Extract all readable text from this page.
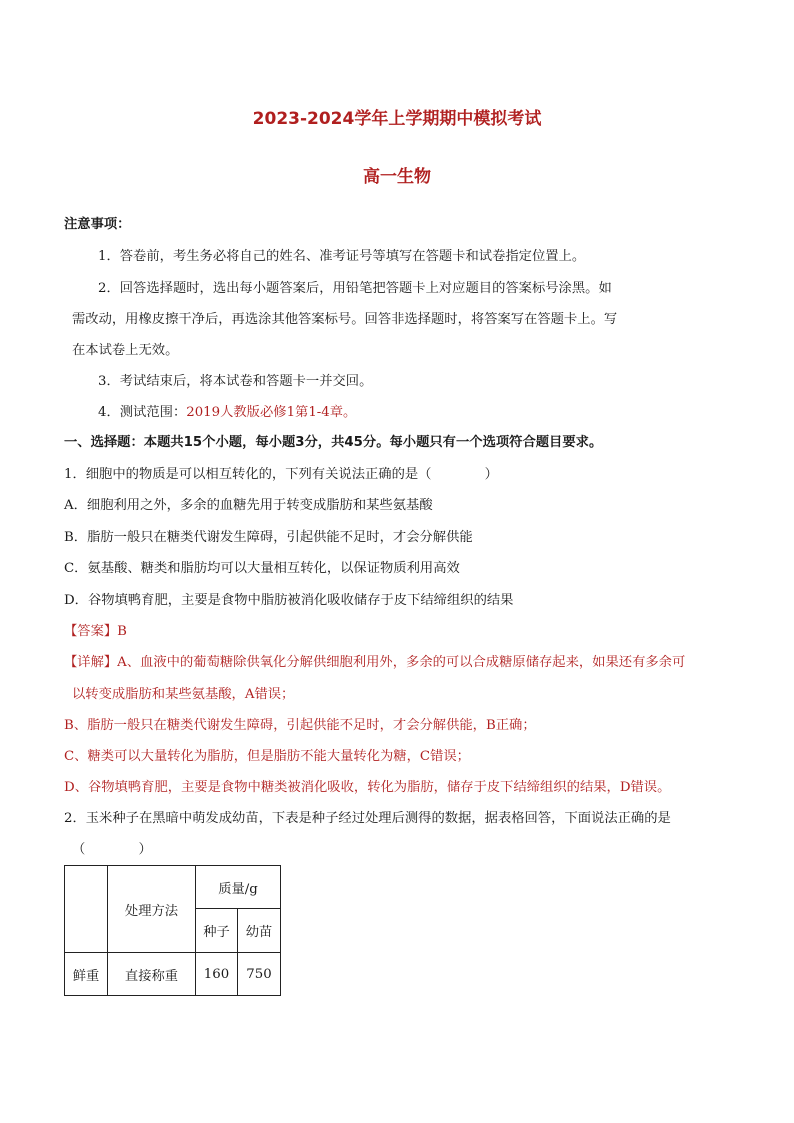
2023-2024学年上学期期中模拟考试
高一生物
注意事项：
1．答卷前，考生务必将自己的姓名、准考证号等填写在答题卡和试卷指定位置上。
2．回答选择题时，选出每小题答案后，用铅笔把答题卡上对应题目的答案标号涂黑。如
需改动，用橡皮擦干净后，再选涂其他答案标号。回答非选择题时，将答案写在答题卡上。写
在本试卷上无效。
3．考试结束后，将本试卷和答题卡一并交回。
4．测试范围：2019人教版必修1第1-4章。
一、选择题：本题共15个小题，每小题3分，共45分。每小题只有一个选项符合题目要求。
1．细胞中的物质是可以相互转化的，下列有关说法正确的是（　　　　）
A．细胞利用之外，多余的血糖先用于转变成脂肪和某些氨基酸
B．脂肪一般只在糖类代谢发生障碍，引起供能不足时，才会分解供能
C．氨基酸、糖类和脂肪均可以大量相互转化，以保证物质利用高效
D．谷物填鸭育肥，主要是食物中脂肪被消化吸收储存于皮下结缔组织的结果
【答案】B
【详解】A、血液中的葡萄糖除供氧化分解供细胞利用外，多余的可以合成糖原储存起来，如果还有多余可
以转变成脂肪和某些氨基酸，A错误；
B、脂肪一般只在糖类代谢发生障碍，引起供能不足时，才会分解供能，B正确；
C、糖类可以大量转化为脂肪，但是脂肪不能大量转化为糖，C错误；
D、谷物填鸭育肥，主要是食物中糖类被消化吸收，转化为脂肪，储存于皮下结缔组织的结果，D错误。
2．玉米种子在黑暗中萌发成幼苗，下表是种子经过处理后测得的数据，据表格回答，下面说法正确的是
（　　　　）
	处理方法	质量/g	
		种子	幼苗
鲜重	直接称重	160	750
